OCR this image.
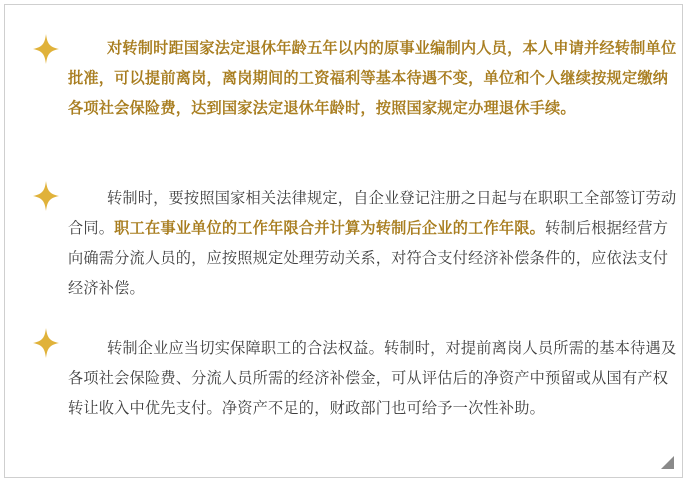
对转制时距国家法定退休年龄五年以内的原事业编制内人员，本人申请并经转制单位批准，可以提前离岗，离岗期间的工资福利等基本待遇不变，单位和个人继续按规定缴纳各项社会保险费，达到国家法定退休年龄时，按照国家规定办理退休手续。

转制时，要按照国家相关法律规定，自企业登记注册之日起与在职职工全部签订劳动合同。职工在事业单位的工作年限合并计算为转制后企业的工作年限。转制后根据经营方向确需分流人员的，应按照规定处理劳动关系，对符合支付经济补偿条件的，应依法支付经济补偿。

转制企业应当切实保障职工的合法权益。转制时，对提前离岗人员所需的基本待遇及各项社会保险费、分流人员所需的经济补偿金，可从评估后的净资产中预留或从国有产权转让收入中优先支付。净资产不足的，财政部门也可给予一次性补助。
